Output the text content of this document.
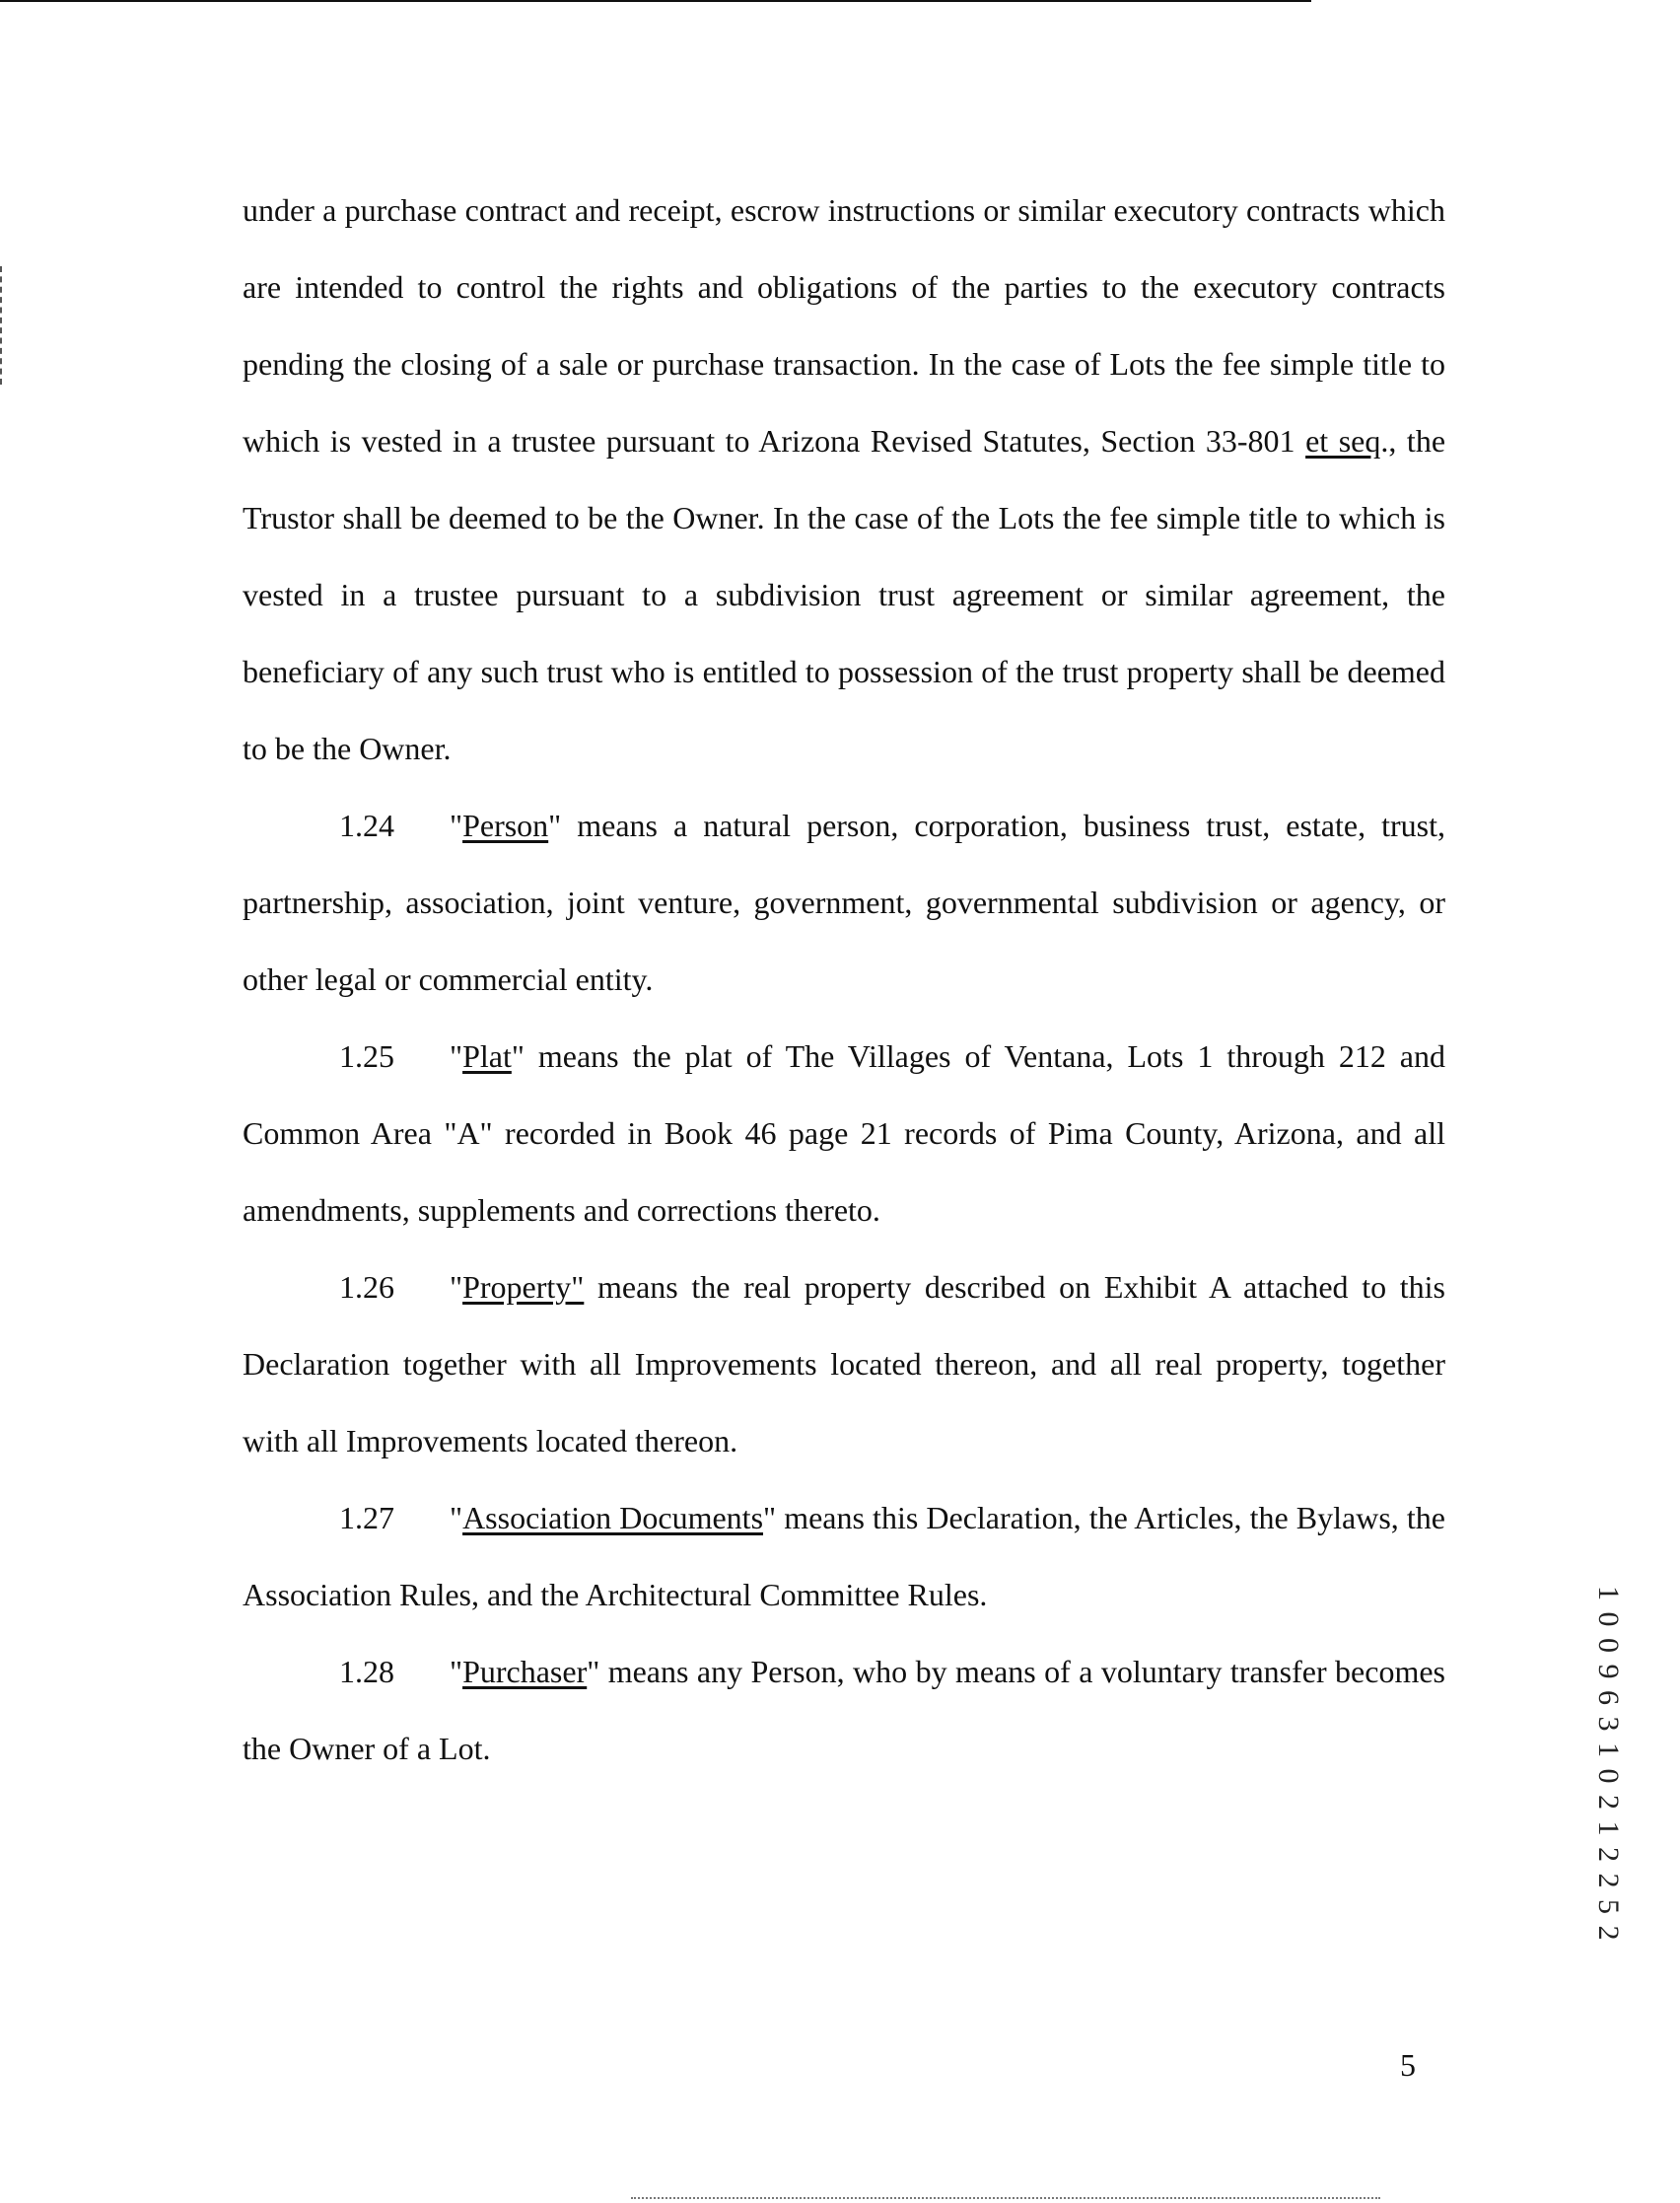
under a purchase contract and receipt, escrow instructions or similar executory contracts which are intended to control the rights and obligations of the parties to the executory contracts pending the closing of a sale or purchase transaction. In the case of Lots the fee simple title to which is vested in a trustee pursuant to Arizona Revised Statutes, Section 33-801 et seq., the Trustor shall be deemed to be the Owner. In the case of the Lots the fee simple title to which is vested in a trustee pursuant to a subdivision trust agreement or similar agreement, the beneficiary of any such trust who is entitled to possession of the trust property shall be deemed to be the Owner.

1.24 "Person" means a natural person, corporation, business trust, estate, trust, partnership, association, joint venture, government, governmental subdivision or agency, or other legal or commercial entity.

1.25 "Plat" means the plat of The Villages of Ventana, Lots 1 through 212 and Common Area "A" recorded in Book 46 page 21 records of Pima County, Arizona, and all amendments, supplements and corrections thereto.

1.26 "Property" means the real property described on Exhibit A attached to this Declaration together with all Improvements located thereon, and all real property, together with all Improvements located thereon.

1.27 "Association Documents" means this Declaration, the Articles, the Bylaws, the Association Rules, and the Architectural Committee Rules.

1.28 "Purchaser" means any Person, who by means of a voluntary transfer becomes the Owner of a Lot.	1 0 0 9 6 3 1 0 2 1 2 2 5 2
5
